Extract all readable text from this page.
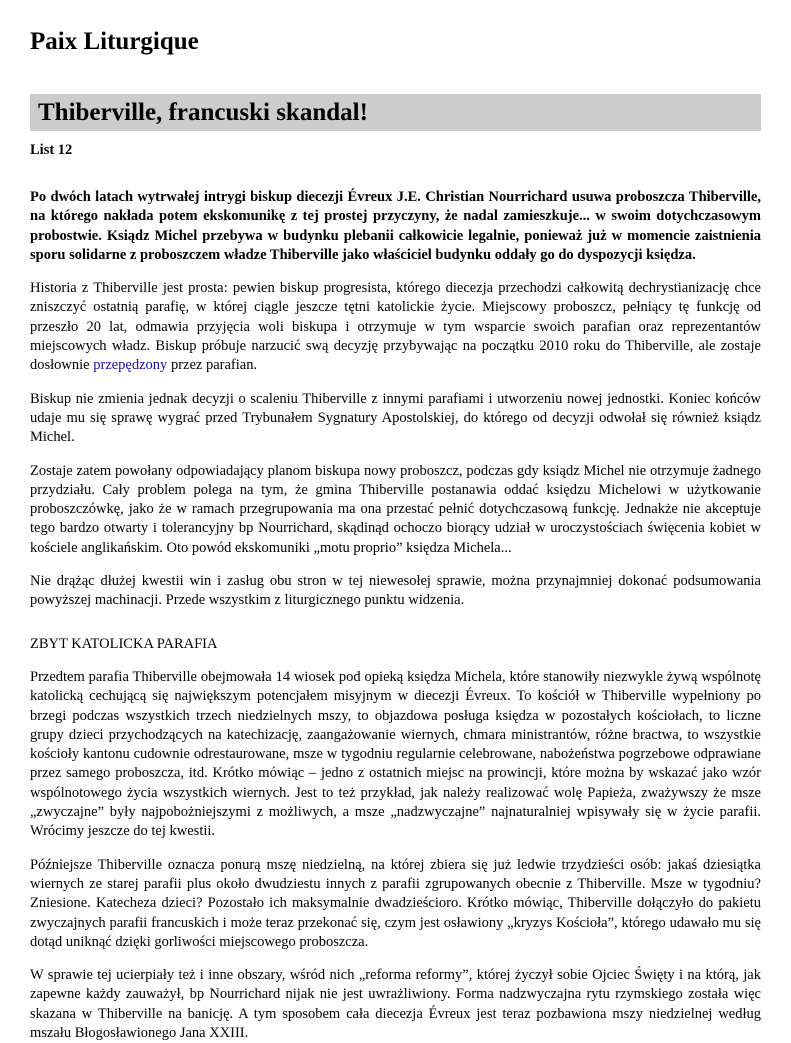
Paix Liturgique
Thiberville, francuski skandal!
List 12

Po dwóch latach wytrwałej intrygi biskup diecezji Évreux J.E. Christian Nourrichard usuwa proboszcza Thiberville, na którego nakłada potem ekskomunikę z tej prostej przyczyny, że nadal zamieszkuje... w swoim dotychczasowym probostwie. Ksiądz Michel przebywa w budynku plebanii całkowicie legalnie, ponieważ już w momencie zaistnienia sporu solidarne z proboszczem władze Thiberville jako właściciel budynku oddały go do dyspozycji księdza.

Historia z Thiberville jest prosta: pewien biskup progresista, którego diecezja przechodzi całkowitą dechrystianizację chce zniszczyć ostatnią parafię, w której ciągle jeszcze tętni katolickie życie. Miejscowy proboszcz, pełniący tę funkcję od przeszło 20 lat, odmawia przyjęcia woli biskupa i otrzymuje w tym wsparcie swoich parafian oraz reprezentantów miejscowych władz. Biskup próbuje narzucić swą decyzję przybywając na początku 2010 roku do Thiberville, ale zostaje dosłownie przepędzony przez parafian.

Biskup nie zmienia jednak decyzji o scaleniu Thiberville z innymi parafiami i utworzeniu nowej jednostki. Koniec końców udaje mu się sprawę wygrać przed Trybunałem Sygnatury Apostolskiej, do którego od decyzji odwołał się również ksiądz Michel.

Zostaje zatem powołany odpowiadający planom biskupa nowy proboszcz, podczas gdy ksiądz Michel nie otrzymuje żadnego przydziału. Cały problem polega na tym, że gmina Thiberville postanawia oddać księdzu Michelowi w użytkowanie proboszczówkę, jako że w ramach przegrupowania ma ona przestać pełnić dotychczasową funkcję. Jednakże nie akceptuje tego bardzo otwarty i tolerancyjny bp Nourrichard, skądinąd ochoczo biorący udział w uroczystościach święcenia kobiet w kościele anglikańskim. Oto powód ekskomuniki „motu proprio” księdza Michela...

Nie drążąc dłużej kwestii win i zasług obu stron w tej niewesołej sprawie, można przynajmniej dokonać podsumowania powyższej machinacji. Przede wszystkim z liturgicznego punktu widzenia.

ZBYT KATOLICKA PARAFIA

Przedtem parafia Thiberville obejmowała 14 wiosek pod opieką księdza Michela, które stanowiły niezwykle żywą wspólnotę katolicką cechującą się największym potencjałem misyjnym w diecezji Évreux. To kościół w Thiberville wypełniony po brzegi podczas wszystkich trzech niedzielnych mszy, to objazdowa posługa księdza w pozostałych kościołach, to liczne grupy dzieci przychodzących na katechizację, zaangażowanie wiernych, chmara ministrantów, różne bractwa, to wszystkie kościoły kantonu cudownie odrestaurowane, msze w tygodniu regularnie celebrowane, nabożeństwa pogrzebowe odprawiane przez samego proboszcza, itd. Krótko mówiąc – jedno z ostatnich miejsc na prowincji, które można by wskazać jako wzór wspólnotowego życia wszystkich wiernych. Jest to też przykład, jak należy realizować wolę Papieża, zważywszy że msze „zwyczajne” były najpobożniejszymi z możliwych, a msze „nadzwyczajne” najnaturalniej wpisywały się w życie parafii. Wrócimy jeszcze do tej kwestii.

Późniejsze Thiberville oznacza ponurą mszę niedzielną, na której zbiera się już ledwie trzydzieści osób: jakaś dziesiątka wiernych ze starej parafii plus około dwudziestu innych z parafii zgrupowanych obecnie z Thiberville. Msze w tygodniu? Zniesione. Katecheza dzieci? Pozostało ich maksymalnie dwadzieścioro. Krótko mówiąc, Thiberville dołączyło do pakietu zwyczajnych parafii francuskich i może teraz przekonać się, czym jest osławiony „kryzys Kościoła”, którego udawało mu się dotąd uniknąć dzięki gorliwości miejscowego proboszcza.

W sprawie tej ucierpiały też i inne obszary, wśród nich „reforma reformy”, której życzył sobie Ojciec Święty i na którą, jak zapewne każdy zauważył, bp Nourrichard nijak nie jest uwrażliwiony. Forma nadzwyczajna rytu rzymskiego została więc skazana w Thiberville na banicję. A tym sposobem cała diecezja Évreux jest teraz pozbawiona mszy niedzielnej według mszału Błogosławionego Jana XXIII.
